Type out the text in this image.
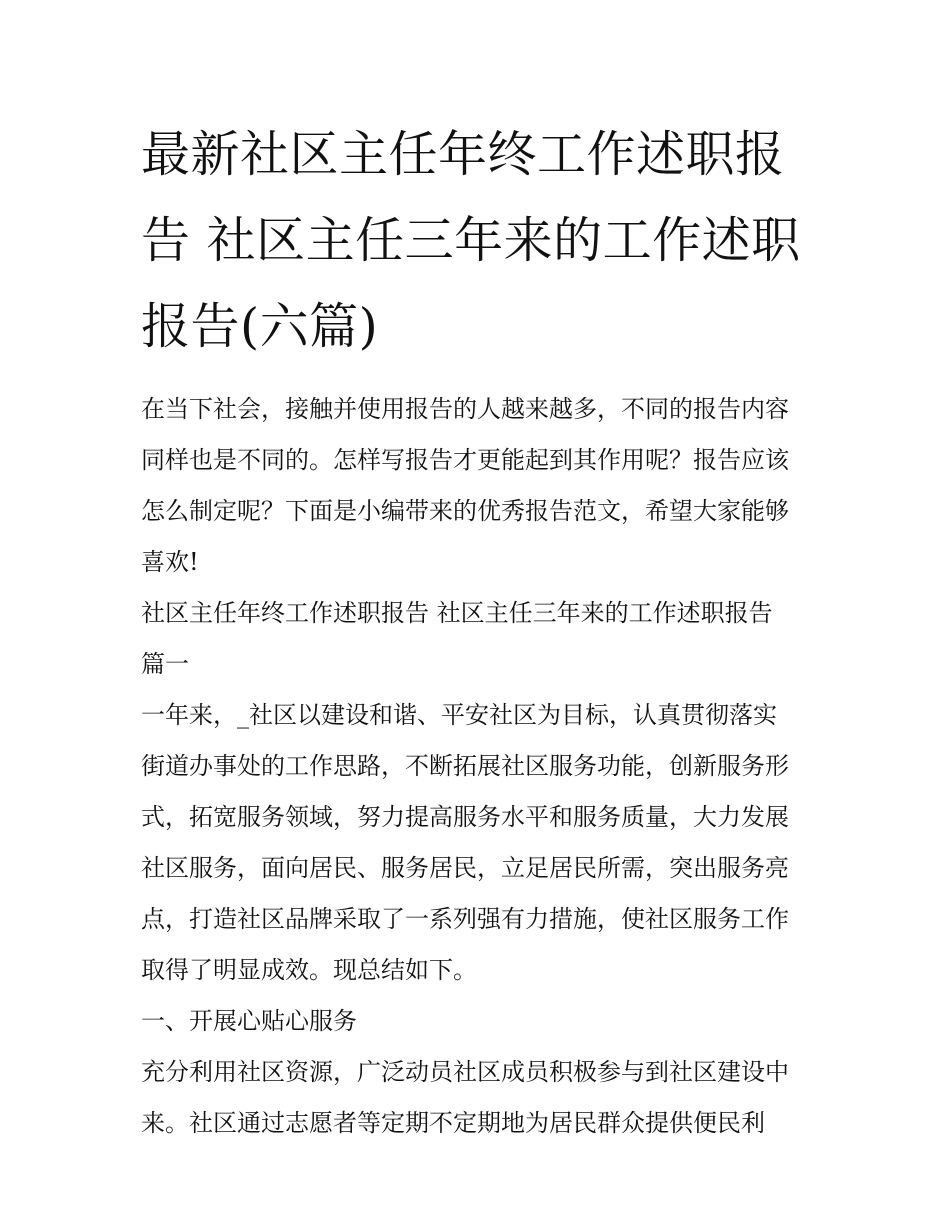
最新社区主任年终工作述职报
告 社区主任三年来的工作述职
报告(六篇)

在当下社会，接触并使用报告的人越来越多，不同的报告内容
同样也是不同的。怎样写报告才更能起到其作用呢？报告应该
怎么制定呢？下面是小编带来的优秀报告范文，希望大家能够
喜欢!

社区主任年终工作述职报告 社区主任三年来的工作述职报告
篇一

一年来，_社区以建设和谐、平安社区为目标，认真贯彻落实
街道办事处的工作思路，不断拓展社区服务功能，创新服务形
式，拓宽服务领域，努力提高服务水平和服务质量，大力发展
社区服务，面向居民、服务居民，立足居民所需，突出服务亮
点，打造社区品牌采取了一系列强有力措施，使社区服务工作
取得了明显成效。现总结如下。

一、开展心贴心服务

充分利用社区资源，广泛动员社区成员积极参与到社区建设中
来。社区通过志愿者等定期不定期地为居民群众提供便民利
